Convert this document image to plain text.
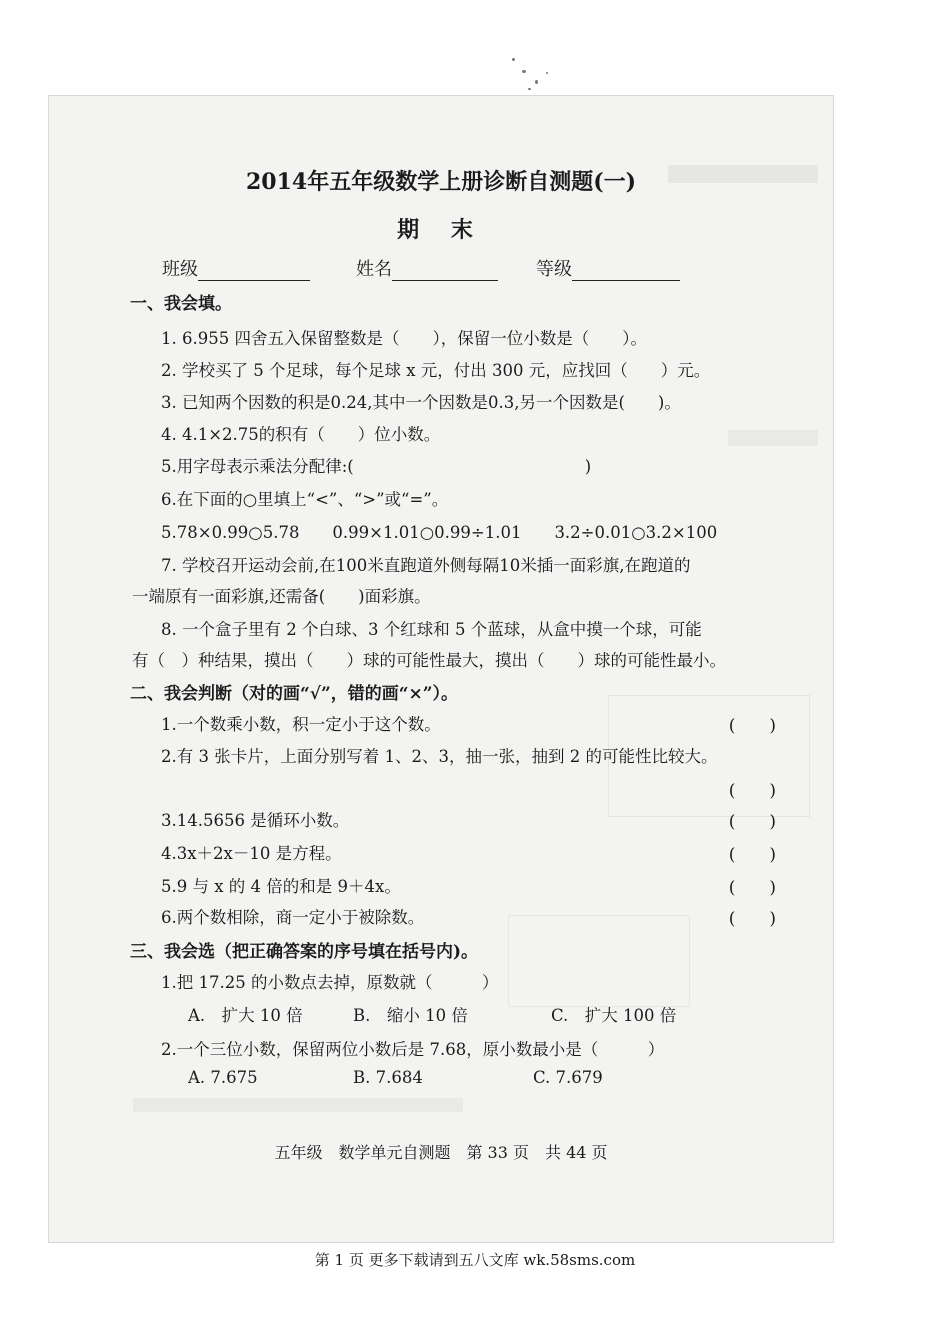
2014年五年级数学上册诊断自测题(一)
期 末
班级	姓名	等级
一、我会填。
1. 6.955 四舍五入保留整数是（　　），保留一位小数是（　　）。
2. 学校买了 5 个足球，每个足球 x 元，付出 300 元，应找回（　　）元。
3. 已知两个因数的积是0.24,其中一个因数是0.3,另一个因数是(　　)。
4. 4.1×2.75的积有（　　）位小数。
5.用字母表示乘法分配律:(　　　　　　　　　　　　　　)
6.在下面的○里填上“<”、“>”或“=”。
5.78×0.99○5.78　　0.99×1.01○0.99÷1.01　　3.2÷0.01○3.2×100
7. 学校召开运动会前,在100米直跑道外侧每隔10米插一面彩旗,在跑道的
一端原有一面彩旗,还需备(　　)面彩旗。
8. 一个盒子里有 2 个白球、3 个红球和 5 个蓝球，从盒中摸一个球，可能
有（　）种结果，摸出（　　）球的可能性最大，摸出（　　）球的可能性最小。
二、我会判断（对的画“√”，错的画“×”）。
1.一个数乘小数，积一定小于这个数。	(　　)
2.有 3 张卡片，上面分别写着 1、2、3，抽一张，抽到 2 的可能性比较大。
(　　)
3.14.5656 是循环小数。	(　　)
4.3x＋2x－10 是方程。	(　　)
5.9 与 x 的 4 倍的和是 9＋4x。	(　　)
6.两个数相除，商一定小于被除数。	(　　)
三、我会选（把正确答案的序号填在括号内)。
1.把 17.25 的小数点去掉，原数就（　　　）
A.　扩大 10 倍	B.　缩小 10 倍	C.　扩大 100 倍
2.一个三位小数，保留两位小数后是 7.68，原小数最小是（　　　）
A. 7.675	B. 7.684	C. 7.679
五年级　数学单元自测题　第 33 页　共 44 页
第 1 页 更多下载请到五八文库 wk.58sms.com
